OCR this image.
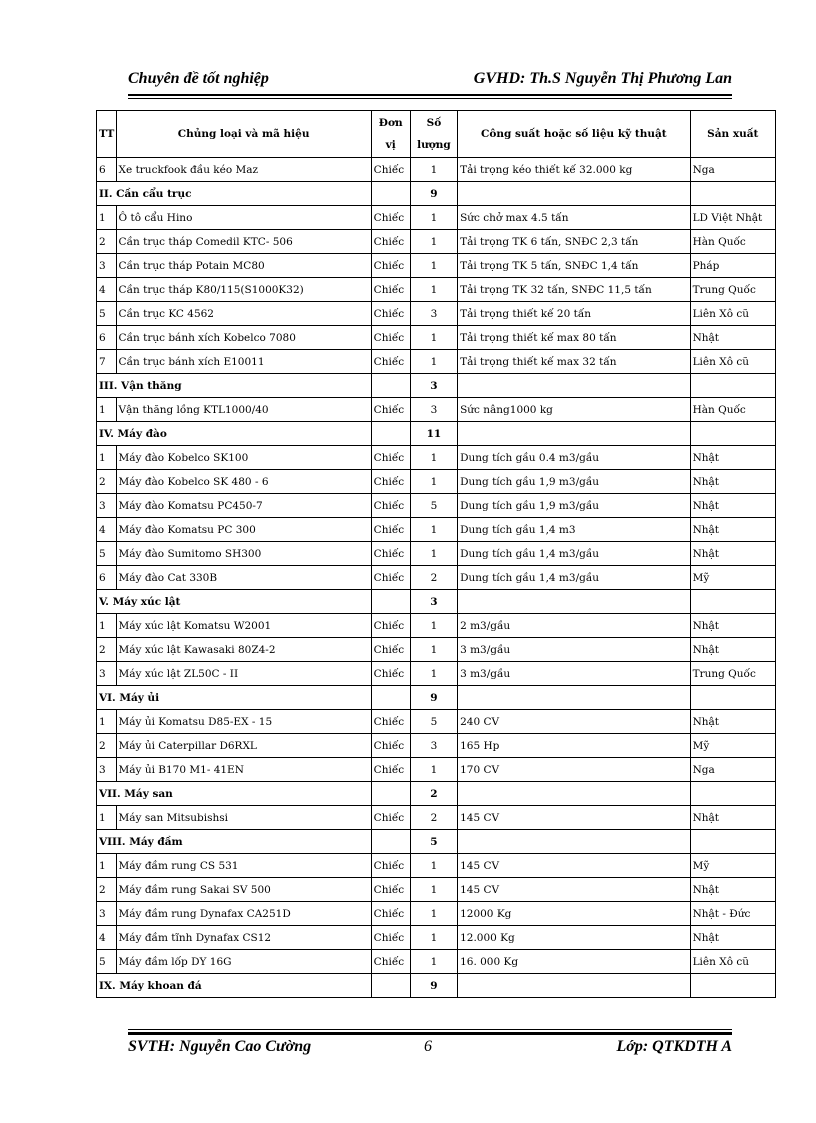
Chuyên đề tốt nghiệp	GVHD: Th.S Nguyễn Thị Phương Lan
TT	Chủng loại và mã hiệu	Đơn vị	Số lượng	Công suất hoặc số liệu kỹ thuật	Sản xuất
6	Xe truckfook đầu kéo Maz	Chiếc	1	Tải trọng kéo thiết kế 32.000 kg	Nga
II. Cần cẩu trục			9		
1	Ô tô cẩu Hino	Chiếc	1	Sức chở max 4.5 tấn	LD Việt Nhật
2	Cần trục tháp Comedil KTC- 506	Chiếc	1	Tải trọng TK 6 tấn, SNĐC 2,3 tấn	Hàn Quốc
3	Cần trục tháp Potain MC80	Chiếc	1	Tải trọng TK 5 tấn, SNĐC 1,4 tấn	Pháp
4	Cần trục tháp K80/115(S1000K32)	Chiếc	1	Tải trọng TK 32 tấn, SNĐC 11,5 tấn	Trung Quốc
5	Cần trục KC 4562	Chiếc	3	Tải trọng thiết kế 20 tấn	Liên Xô cũ
6	Cần trục bánh xích Kobelco 7080	Chiếc	1	Tải trọng thiết kế max 80 tấn	Nhật
7	Cần trục bánh xích E10011	Chiếc	1	Tải trọng thiết kế max 32 tấn	Liên Xô cũ
III. Vận thăng			3		
1	Vận thăng lồng KTL1000/40	Chiếc	3	Sức nâng1000 kg	Hàn Quốc
IV. Máy đào			11		
1	Máy đào Kobelco SK100	Chiếc	1	Dung tích gầu 0.4 m3/gầu	Nhật
2	Máy đào Kobelco SK 480 - 6	Chiếc	1	Dung tích gầu 1,9 m3/gầu	Nhật
3	Máy đào Komatsu PC450-7	Chiếc	5	Dung tích gầu 1,9 m3/gầu	Nhật
4	Máy đào Komatsu PC 300	Chiếc	1	Dung tích gầu 1,4 m3	Nhật
5	Máy đào Sumitomo SH300	Chiếc	1	Dung tích gầu 1,4 m3/gầu	Nhật
6	Máy đào Cat 330B	Chiếc	2	Dung tích gầu 1,4 m3/gầu	Mỹ
V. Máy xúc lật			3		
1	Máy xúc lật Komatsu W2001	Chiếc	1	2 m3/gầu	Nhật
2	Máy xúc lật Kawasaki 80Z4-2	Chiếc	1	3 m3/gầu	Nhật
3	Máy xúc lật ZL50C - II	Chiếc	1	3 m3/gầu	Trung Quốc
VI. Máy ủi			9		
1	Máy ủi Komatsu D85-EX - 15	Chiếc	5	240 CV	Nhật
2	Máy ủi Caterpillar D6RXL	Chiếc	3	165 Hp	Mỹ
3	Máy ủi B170 M1- 41EN	Chiếc	1	170 CV	Nga
VII. Máy san			2		
1	Máy san Mitsubishsi	Chiếc	2	145 CV	Nhật
VIII. Máy đầm			5		
1	Máy đầm rung CS 531	Chiếc	1	145 CV	Mỹ
2	Máy đầm rung Sakai SV 500	Chiếc	1	145 CV	Nhật
3	Máy đầm rung Dynafax CA251D	Chiếc	1	12000 Kg	Nhật - Đức
4	Máy đầm tĩnh Dynafax CS12	Chiếc	1	12.000 Kg	Nhật
5	Máy đầm lốp DY 16G	Chiếc	1	16. 000 Kg	Liên Xô cũ
IX. Máy khoan đá			9		
SVTH: Nguyễn Cao Cường	6	Lớp: QTKDTH A
